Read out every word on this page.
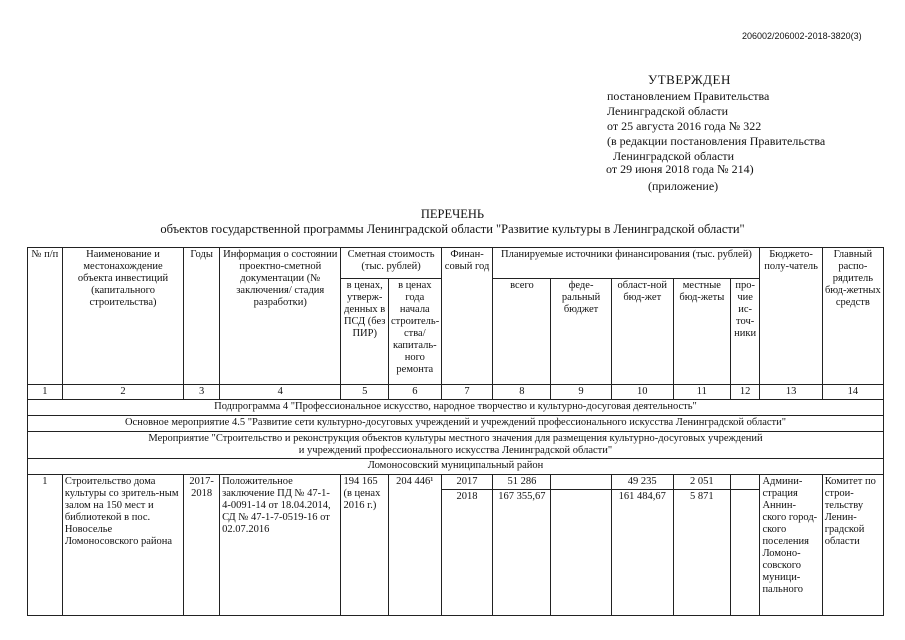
206002/206002-2018-3820(3)
УТВЕРЖДЕН
постановлением Правительства
Ленинградской области
от 25 августа 2016 года № 322
(в редакции постановления Правительства
Ленинградской области
от 29 июня 2018 года № 214)
(приложение)
ПЕРЕЧЕНЬ
объектов государственной программы Ленинградской области "Развитие культуры в Ленинградской области"
№ п/п	Наименование и местонахождение объекта инвестиций (капитального строительства)	Годы	Информация о состоянии проектно-сметной документации (№ заключения/ стадия разработки)	Сметная стоимость (тыс. рублей)		Финан-совый год	Планируемые источники финансирования (тыс. рублей)					Бюджето-полу-чатель	Главный распо-рядитель бюд-жетных средств
				в ценах, утверж-денных в ПСД (без ПИР)	в ценах года начала строитель-ства/ капиталь-ного ремонта		всего	феде-ральный бюджет	област-ной бюд-жет	местные бюд-жеты	про-чие ис-точ-ники		
1	2	3	4	5	6	7	8	9	10	11	12	13	14
Подпрограмма 4 "Профессиональное искусство, народное творчество и культурно-досуговая деятельность"													
Основное мероприятие 4.5 "Развитие сети культурно-досуговых учреждений и учреждений профессионального искусства Ленинградской области"													

Мероприятие "Строительство и реконструкция объектов культуры местного значения для размещения культурно-досуговых учреждений
и учреждений профессионального искусства Ленинградской области"													

Ломоносовский муниципальный район													
1	Строительство дома культуры со зритель-ным залом на 150 мест и библиотекой в пос. Новоселье Ломоносовского района	2017-2018	Положительное заключение ПД № 47-1-4-0091-14 от 18.04.2014, СД № 47-1-7-0519-16 от 02.07.2016	194 165 (в ценах 2016 г.)	204 446¹	2017	51 286		49 235	2 051		Админи-страция Аннин-ского город-ского поселения Ломоно-совского муници-пального	Комитет по строи-тельству Ленин-градской области
						2018	167 355,67		161 484,67	5 871			
